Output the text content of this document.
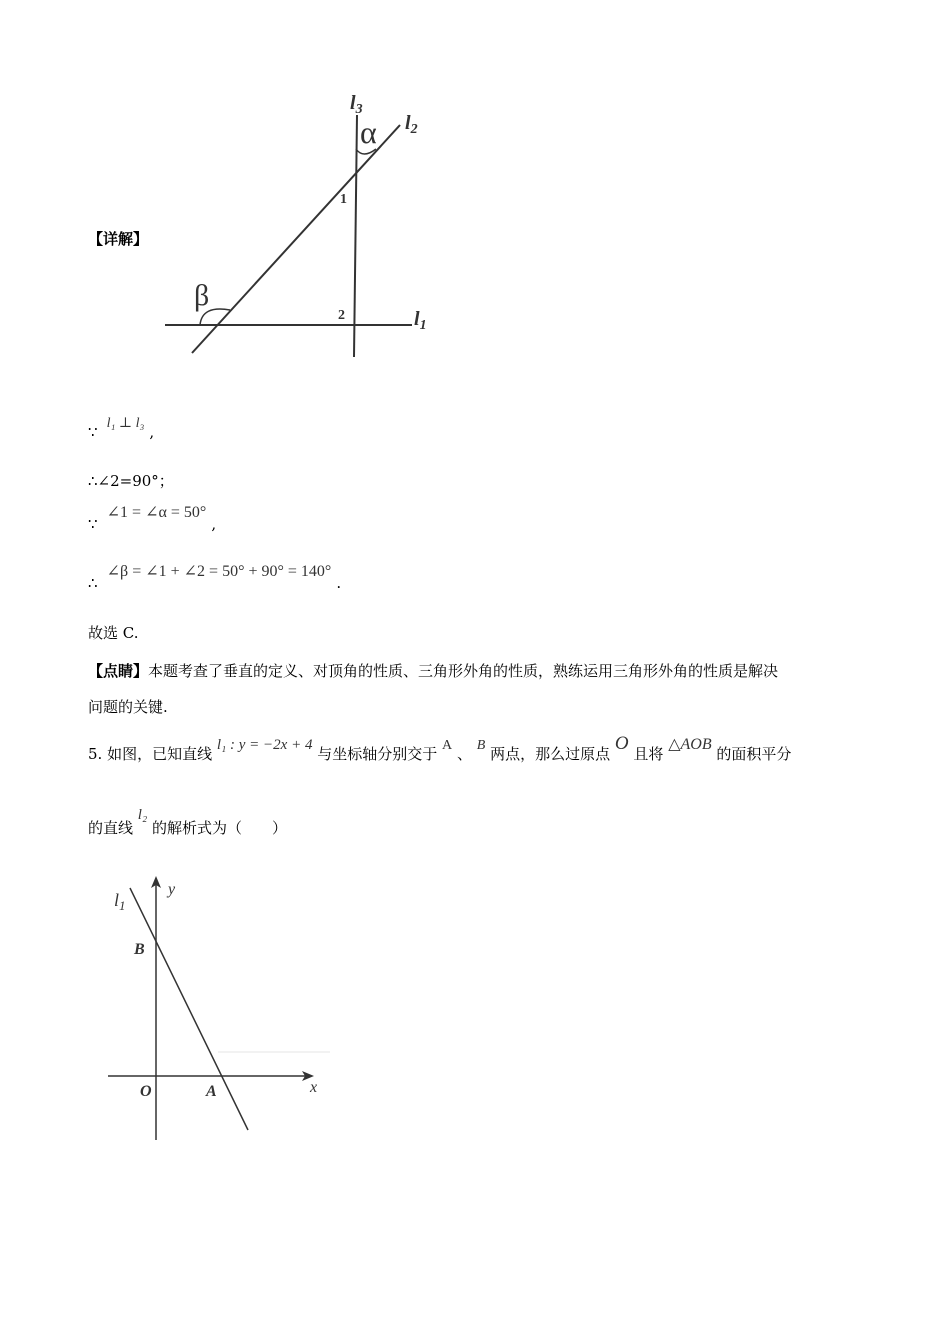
$l_3$
$l_2$
$l_1$
α
β
1
2
【详解】
∵ l₁ ⊥ l₃ ,
∴∠2=90°；
∵ ∠1 = ∠α = 50° ,
∴ ∠β = ∠1 + ∠2 = 50° + 90° = 140° .
故选 C.
【点睛】本题考查了垂直的定义、对顶角的性质、三角形外角的性质，熟练运用三角形外角的性质是解决
问题的关键.
5. 如图，已知直线 l₁ : y = −2x + 4 与坐标轴分别交于 A 、 B 两点，那么过原点 O 且将 △AOB 的面积平分
的直线 l₂ 的解析式为（　　）
$l_1$
y
x
B
O	A
